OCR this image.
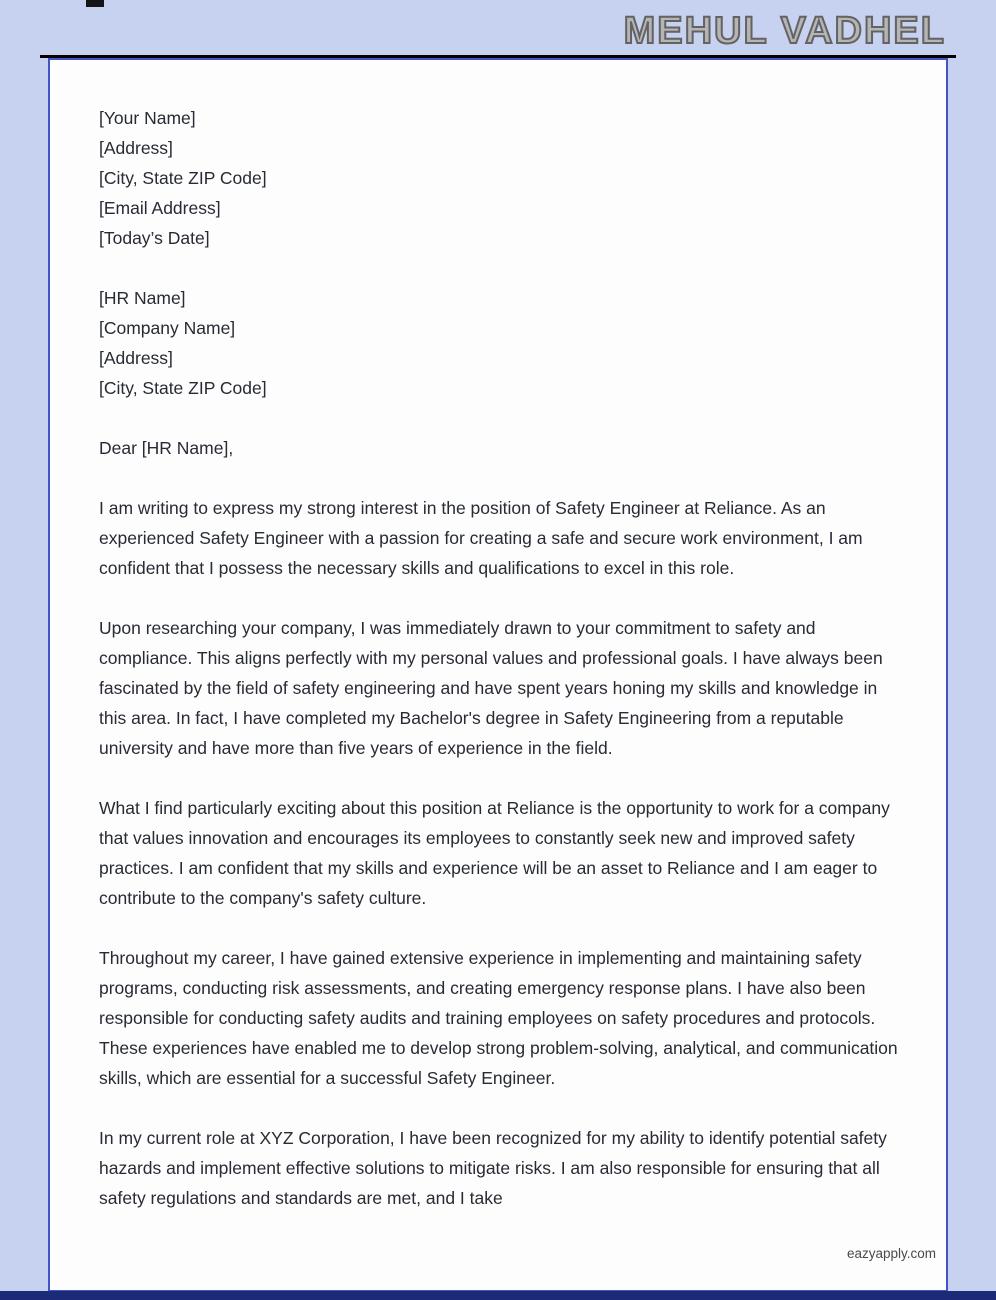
MEHUL VADHEL
[Your Name]
[Address]
[City, State ZIP Code]
[Email Address]
[Today’s Date]
[HR Name]
[Company Name]
[Address]
[City, State ZIP Code]
Dear [HR Name],

I am writing to express my strong interest in the position of Safety Engineer at Reliance. As an experienced Safety Engineer with a passion for creating a safe and secure work environment, I am confident that I possess the necessary skills and qualifications to excel in this role.

Upon researching your company, I was immediately drawn to your commitment to safety and compliance. This aligns perfectly with my personal values and professional goals. I have always been fascinated by the field of safety engineering and have spent years honing my skills and knowledge in this area. In fact, I have completed my Bachelor's degree in Safety Engineering from a reputable university and have more than five years of experience in the field.

What I find particularly exciting about this position at Reliance is the opportunity to work for a company that values innovation and encourages its employees to constantly seek new and improved safety practices. I am confident that my skills and experience will be an asset to Reliance and I am eager to contribute to the company's safety culture.

Throughout my career, I have gained extensive experience in implementing and maintaining safety programs, conducting risk assessments, and creating emergency response plans. I have also been responsible for conducting safety audits and training employees on safety procedures and protocols. These experiences have enabled me to develop strong problem-solving, analytical, and communication skills, which are essential for a successful Safety Engineer.

In my current role at XYZ Corporation, I have been recognized for my ability to identify potential safety hazards and implement effective solutions to mitigate risks. I am also responsible for ensuring that all safety regulations and standards are met, and I take

eazyapply.com
